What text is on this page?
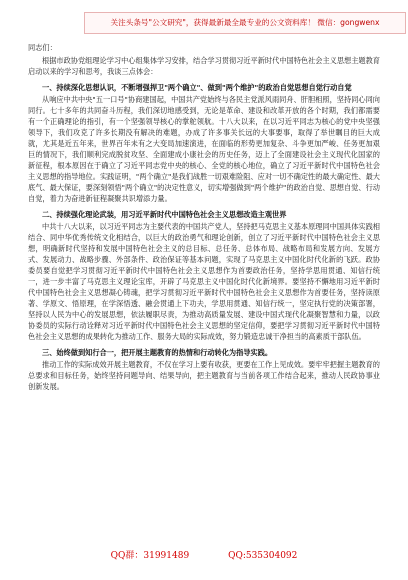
关注头条号"公文研究"，获得最新最全最专业的公文资料库！ 微信：gongwenx

同志们：

根据市政协党组理论学习中心组集体学习安排，结合学习贯彻习近平新时代中国特色社会主义思想主题教育启动以来的学习和思考，我谈三点体会：

一、持续深化思想认识，不断增强捍卫"两个确立"、做到"两个维护"的政治自觉思想自觉行动自觉

从响应中共中央"五一口号"协商建国起，中国共产党始终与各民主党派风雨同舟、肝胆相照，坚持同心同向同行。七十多年的共同奋斗历程，我们深切地感受到，无论是革命、建设和改革开放的各个时期，我们都需要有一个正确理论的指引，有一个坚强领导核心的掌舵领航。十八大以来，在以习近平同志为核心的党中央坚强领导下，我们攻克了许多长期没有解决的难题，办成了许多事关长远的大事要事，取得了举世瞩目的巨大成就，尤其是近五年来，世界百年未有之大变局加速演进，在面临的形势更加复杂、斗争更加严峻、任务更加艰巨的情况下，我们顺利完成脱贫攻坚、全面建成小康社会的历史任务，迈上了全面建设社会主义现代化国家的新征程，根本原因在于确立了习近平同志党中央的核心、全党的核心地位，确立了习近平新时代中国特色社会主义思想的指导地位。实践证明，"两个确立"是我们战胜一切艰难险阻、应对一切不确定性的最大确定性、最大底气、最大保证，要深刻领悟"两个确立"的决定性意义，切实增强做到"两个维护"的政治自觉、思想自觉、行动自觉，着力为奋进新征程凝聚共识增添力量。

二、持续强化理论武装，用习近平新时代中国特色社会主义思想改造主观世界

中共十八大以来，以习近平同志为主要代表的中国共产党人，坚持把马克思主义基本原理同中国具体实践相结合、同中华优秀传统文化相结合，以巨大的政治勇气和理论创新，创立了习近平新时代中国特色社会主义思想，明确新时代坚持和发展中国特色社会主义的总目标、总任务、总体布局、战略布局和发展方向、发展方式、发展动力、战略步骤、外部条件、政治保证等基本问题，实现了马克思主义中国化时代化新的飞跃。政协委员要自觉把学习贯彻习近平新时代中国特色社会主义思想作为首要政治任务，坚持学思用贯通、知信行统一，进一步丰富了马克思主义理论宝库，开辟了马克思主义中国化时代化新境界。要坚持不懈地用习近平新时代中国特色社会主义思想凝心铸魂，把学习贯彻习近平新时代中国特色社会主义思想作为首要任务，坚持读原著、学原文、悟原理，在学深悟透、融会贯通上下功夫，学思用贯通、知信行统一，坚定执行党的决策部署，坚持以人民为中心的发展思想，依法履职尽责，为推动高质量发展、建设中国式现代化凝聚智慧和力量，以政协委员的实际行动诠释对习近平新时代中国特色社会主义思想的坚定信仰，要把学习贯彻习近平新时代中国特色社会主义思想的成果转化为推动工作、服务大局的实际成效，努力锻造忠诚干净担当的高素质干部队伍。

三、始终做到知行合一，把开展主题教育的热情和行动转化为指导实践。

推动工作的实际成效开展主题教育，不仅在学习上要有收获，更要在工作上见成效。要牢牢把握主题教育的总要求和目标任务，始终坚持问题导向、结果导向，把主题教育与当前各项工作结合起来，推动人民政协事业创新发展。

QQ群：31991489	QQ:535304092
